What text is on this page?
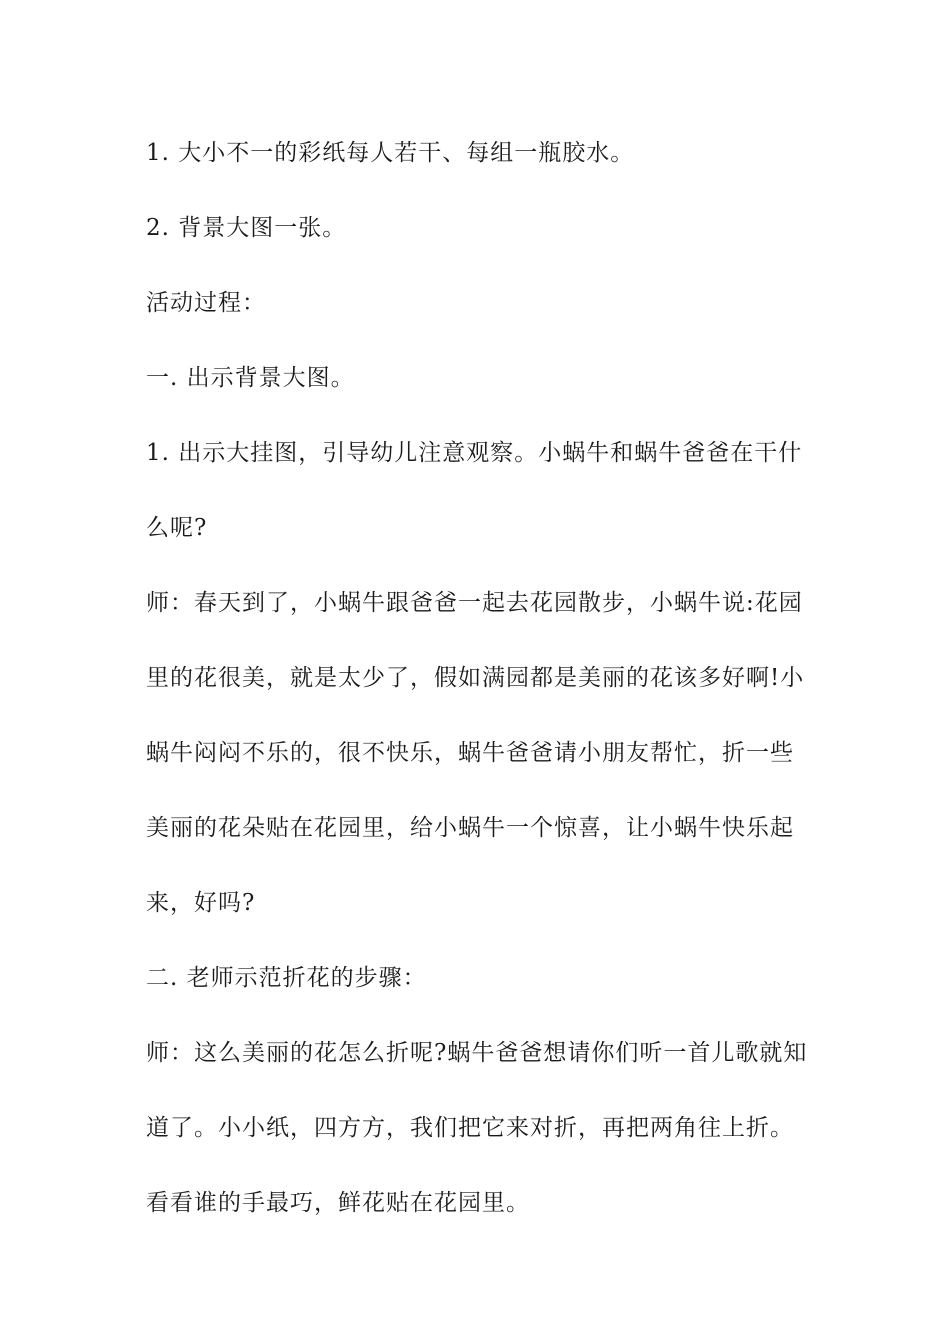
1. 大小不一的彩纸每人若干、每组一瓶胶水。
2. 背景大图一张。
活动过程：
一. 出示背景大图。
1. 出示大挂图，引导幼儿注意观察。小蜗牛和蜗牛爸爸在干什
么呢?
师：春天到了，小蜗牛跟爸爸一起去花园散步，小蜗牛说:花园
里的花很美，就是太少了，假如满园都是美丽的花该多好啊!小
蜗牛闷闷不乐的，很不快乐，蜗牛爸爸请小朋友帮忙，折一些
美丽的花朵贴在花园里，给小蜗牛一个惊喜，让小蜗牛快乐起
来，好吗?
二. 老师示范折花的步骤：
师：这么美丽的花怎么折呢?蜗牛爸爸想请你们听一首儿歌就知
道了。小小纸，四方方，我们把它来对折，再把两角往上折。
看看谁的手最巧，鲜花贴在花园里。
